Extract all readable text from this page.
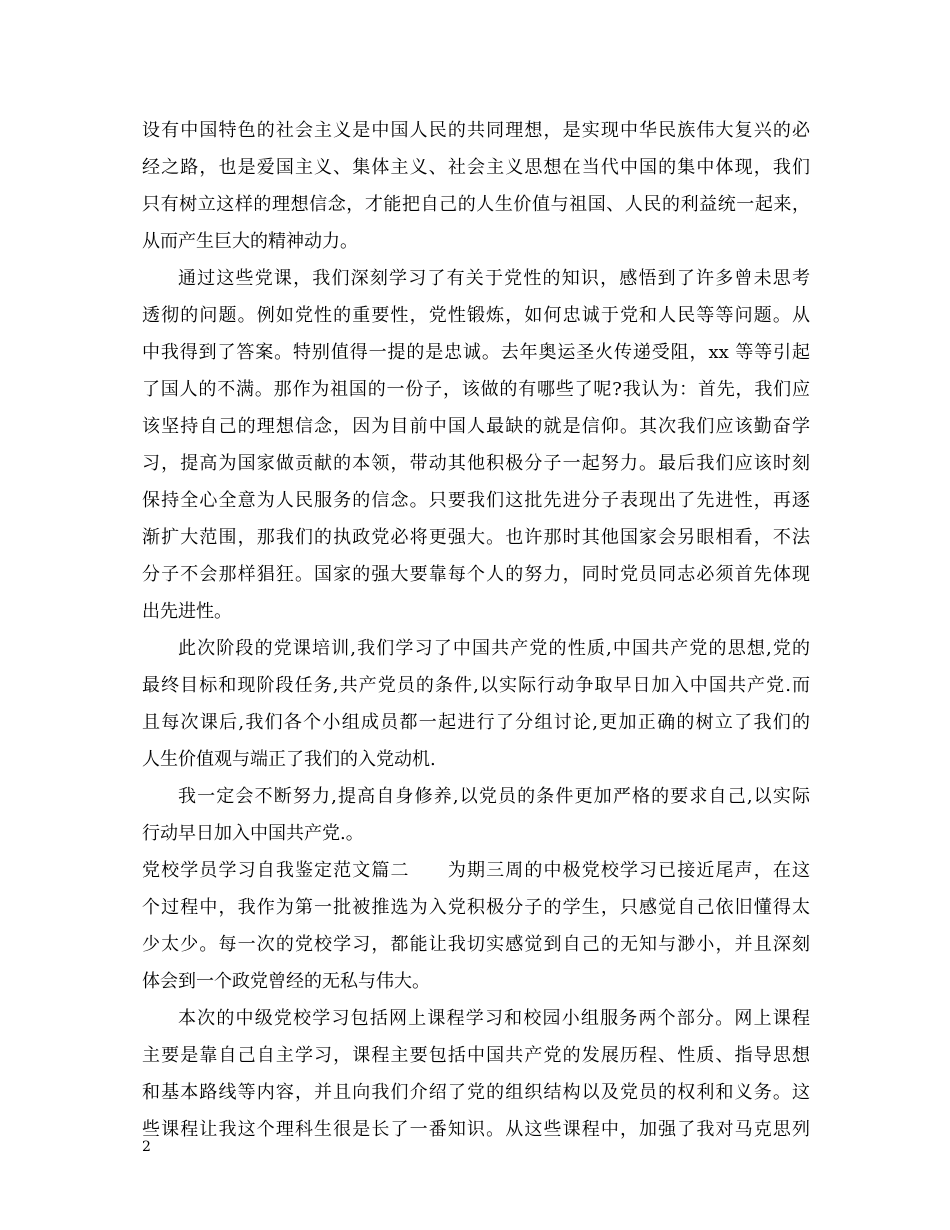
设有中国特色的社会主义是中国人民的共同理想，是实现中华民族伟大复兴的必
经之路，也是爱国主义、集体主义、社会主义思想在当代中国的集中体现，我们
只有树立这样的理想信念，才能把自己的人生价值与祖国、人民的利益统一起来，
从而产生巨大的精神动力。
通过这些党课，我们深刻学习了有关于党性的知识，感悟到了许多曾未思考
透彻的问题。例如党性的重要性，党性锻炼，如何忠诚于党和人民等等问题。从
中我得到了答案。特别值得一提的是忠诚。去年奥运圣火传递受阻，xx 等等引起
了国人的不满。那作为祖国的一份子，该做的有哪些了呢?我认为：首先，我们应
该坚持自己的理想信念，因为目前中国人最缺的就是信仰。其次我们应该勤奋学
习，提高为国家做贡献的本领，带动其他积极分子一起努力。最后我们应该时刻
保持全心全意为人民服务的信念。只要我们这批先进分子表现出了先进性，再逐
渐扩大范围，那我们的执政党必将更强大。也许那时其他国家会另眼相看，不法
分子不会那样猖狂。国家的强大要靠每个人的努力，同时党员同志必须首先体现
出先进性。
此次阶段的党课培训,我们学习了中国共产党的性质,中国共产党的思想,党的
最终目标和现阶段任务,共产党员的条件,以实际行动争取早日加入中国共产党.而
且每次课后,我们各个小组成员都一起进行了分组讨论,更加正确的树立了我们的
人生价值观与端正了我们的入党动机.
我一定会不断努力,提高自身修养,以党员的条件更加严格的要求自己,以实际
行动早日加入中国共产党.。
党校学员学习自我鉴定范文篇二　　为期三周的中极党校学习已接近尾声，在这
个过程中，我作为第一批被推选为入党积极分子的学生，只感觉自己依旧懂得太
少太少。每一次的党校学习，都能让我切实感觉到自己的无知与渺小，并且深刻
体会到一个政党曾经的无私与伟大。
本次的中级党校学习包括网上课程学习和校园小组服务两个部分。网上课程
主要是靠自己自主学习，课程主要包括中国共产党的发展历程、性质、指导思想
和基本路线等内容，并且向我们介绍了党的组织结构以及党员的权利和义务。这
些课程让我这个理科生很是长了一番知识。从这些课程中，加强了我对马克思列
2
